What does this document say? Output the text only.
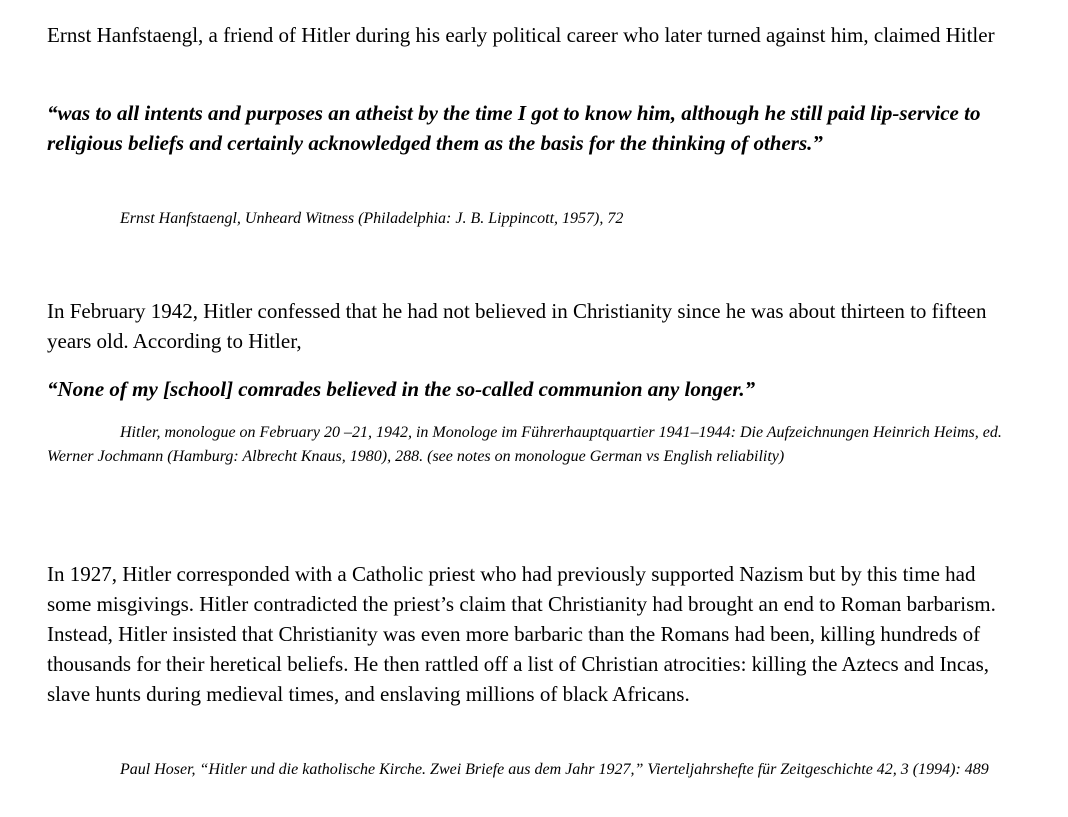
Ernst Hanfstaengl, a friend of Hitler during his early political career who later turned against him, claimed Hitler

“was to all intents and purposes an atheist by the time I got to know him, although he still paid lip-service to religious beliefs and certainly acknowledged them as the basis for the thinking of others.”

Ernst Hanfstaengl, Unheard Witness (Philadelphia: J. B. Lippincott, 1957), 72

In February 1942, Hitler confessed that he had not believed in Christianity since he was about thirteen to fifteen years old. According to Hitler,

“None of my [school] comrades believed in the so-called communion any longer.”

Hitler, monologue on February 20 –21, 1942, in Monologe im Führerhauptquartier 1941–1944: Die Aufzeichnungen Heinrich Heims, ed. Werner Jochmann (Hamburg: Albrecht Knaus, 1980), 288. (see notes on monologue German vs English reliability)

In 1927, Hitler corresponded with a Catholic priest who had previously supported Nazism but by this time had some misgivings. Hitler contradicted the priest’s claim that Christianity had brought an end to Roman barbarism. Instead, Hitler insisted that Christianity was even more barbaric than the Romans had been, killing hundreds of thousands for their heretical beliefs. He then rattled off a list of Christian atrocities: killing the Aztecs and Incas, slave hunts during medieval times, and enslaving millions of black Africans.

Paul Hoser, “Hitler und die katholische Kirche. Zwei Briefe aus dem Jahr 1927,” Vierteljahrshefte für Zeitgeschichte 42, 3 (1994): 489
